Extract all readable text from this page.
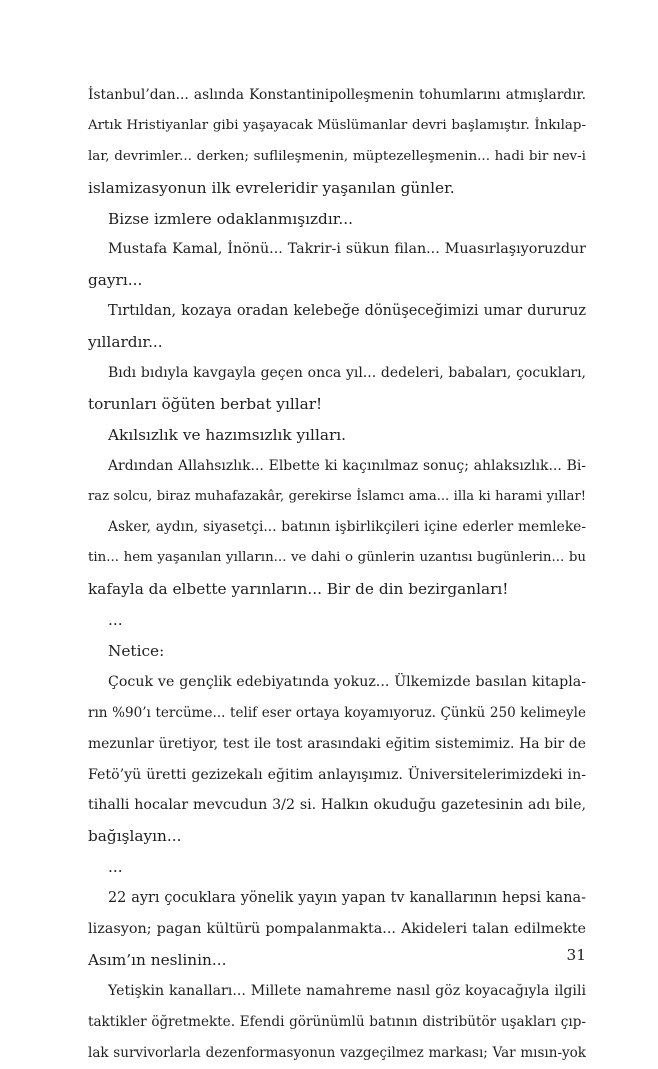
İstanbul’dan... aslında Konstantinipolleşmenin tohumlarını atmışlardır.
Artık Hristiyanlar gibi yaşayacak Müslümanlar devri başlamıştır. İnkılap-
lar, devrimler... derken; suflileşmenin, müptezelleşmenin... hadi bir nev-i
islamizasyonun ilk evreleridir yaşanılan günler.
Bizse izmlere odaklanmışızdır...
Mustafa Kamal, İnönü... Takrir-i sükun filan... Muasırlaşıyoruzdur
gayrı...
Tırtıldan, kozaya oradan kelebeğe dönüşeceğimizi umar dururuz
yıllardır...
Bıdı bıdıyla kavgayla geçen onca yıl... dedeleri, babaları, çocukları,
torunları öğüten berbat yıllar!
Akılsızlık ve hazımsızlık yılları.
Ardından Allahsızlık... Elbette ki kaçınılmaz sonuç; ahlaksızlık... Bi-
raz solcu, biraz muhafazakâr, gerekirse İslamcı ama... illa ki harami yıllar!
Asker, aydın, siyasetçi... batının işbirlikçileri içine ederler memleke-
tin... hem yaşanılan yılların... ve dahi o günlerin uzantısı bugünlerin... bu
kafayla da elbette yarınların... Bir de din bezirganları!
...
Netice:
Çocuk ve gençlik edebiyatında yokuz... Ülkemizde basılan kitapla-
rın %90’ı tercüme... telif eser ortaya koyamıyoruz. Çünkü 250 kelimeyle
mezunlar üretiyor, test ile tost arasındaki eğitim sistemimiz. Ha bir de
Fetö’yü üretti gezizekalı eğitim anlayışımız. Üniversitelerimizdeki in-
tihalli hocalar mevcudun 3/2 si. Halkın okuduğu gazetesinin adı bile,
bağışlayın...
...
22 ayrı çocuklara yönelik yayın yapan tv kanallarının hepsi kana-
lizasyon; pagan kültürü pompalanmakta... Akideleri talan edilmekte
Asım’ın neslinin...
Yetişkin kanalları... Millete namahreme nasıl göz koyacağıyla ilgili
taktikler öğretmekte. Efendi görünümlü batının distribütör uşakları çıp-
lak survivorlarla dezenformasyonun vazgeçilmez markası; Var mısın-yok
31
